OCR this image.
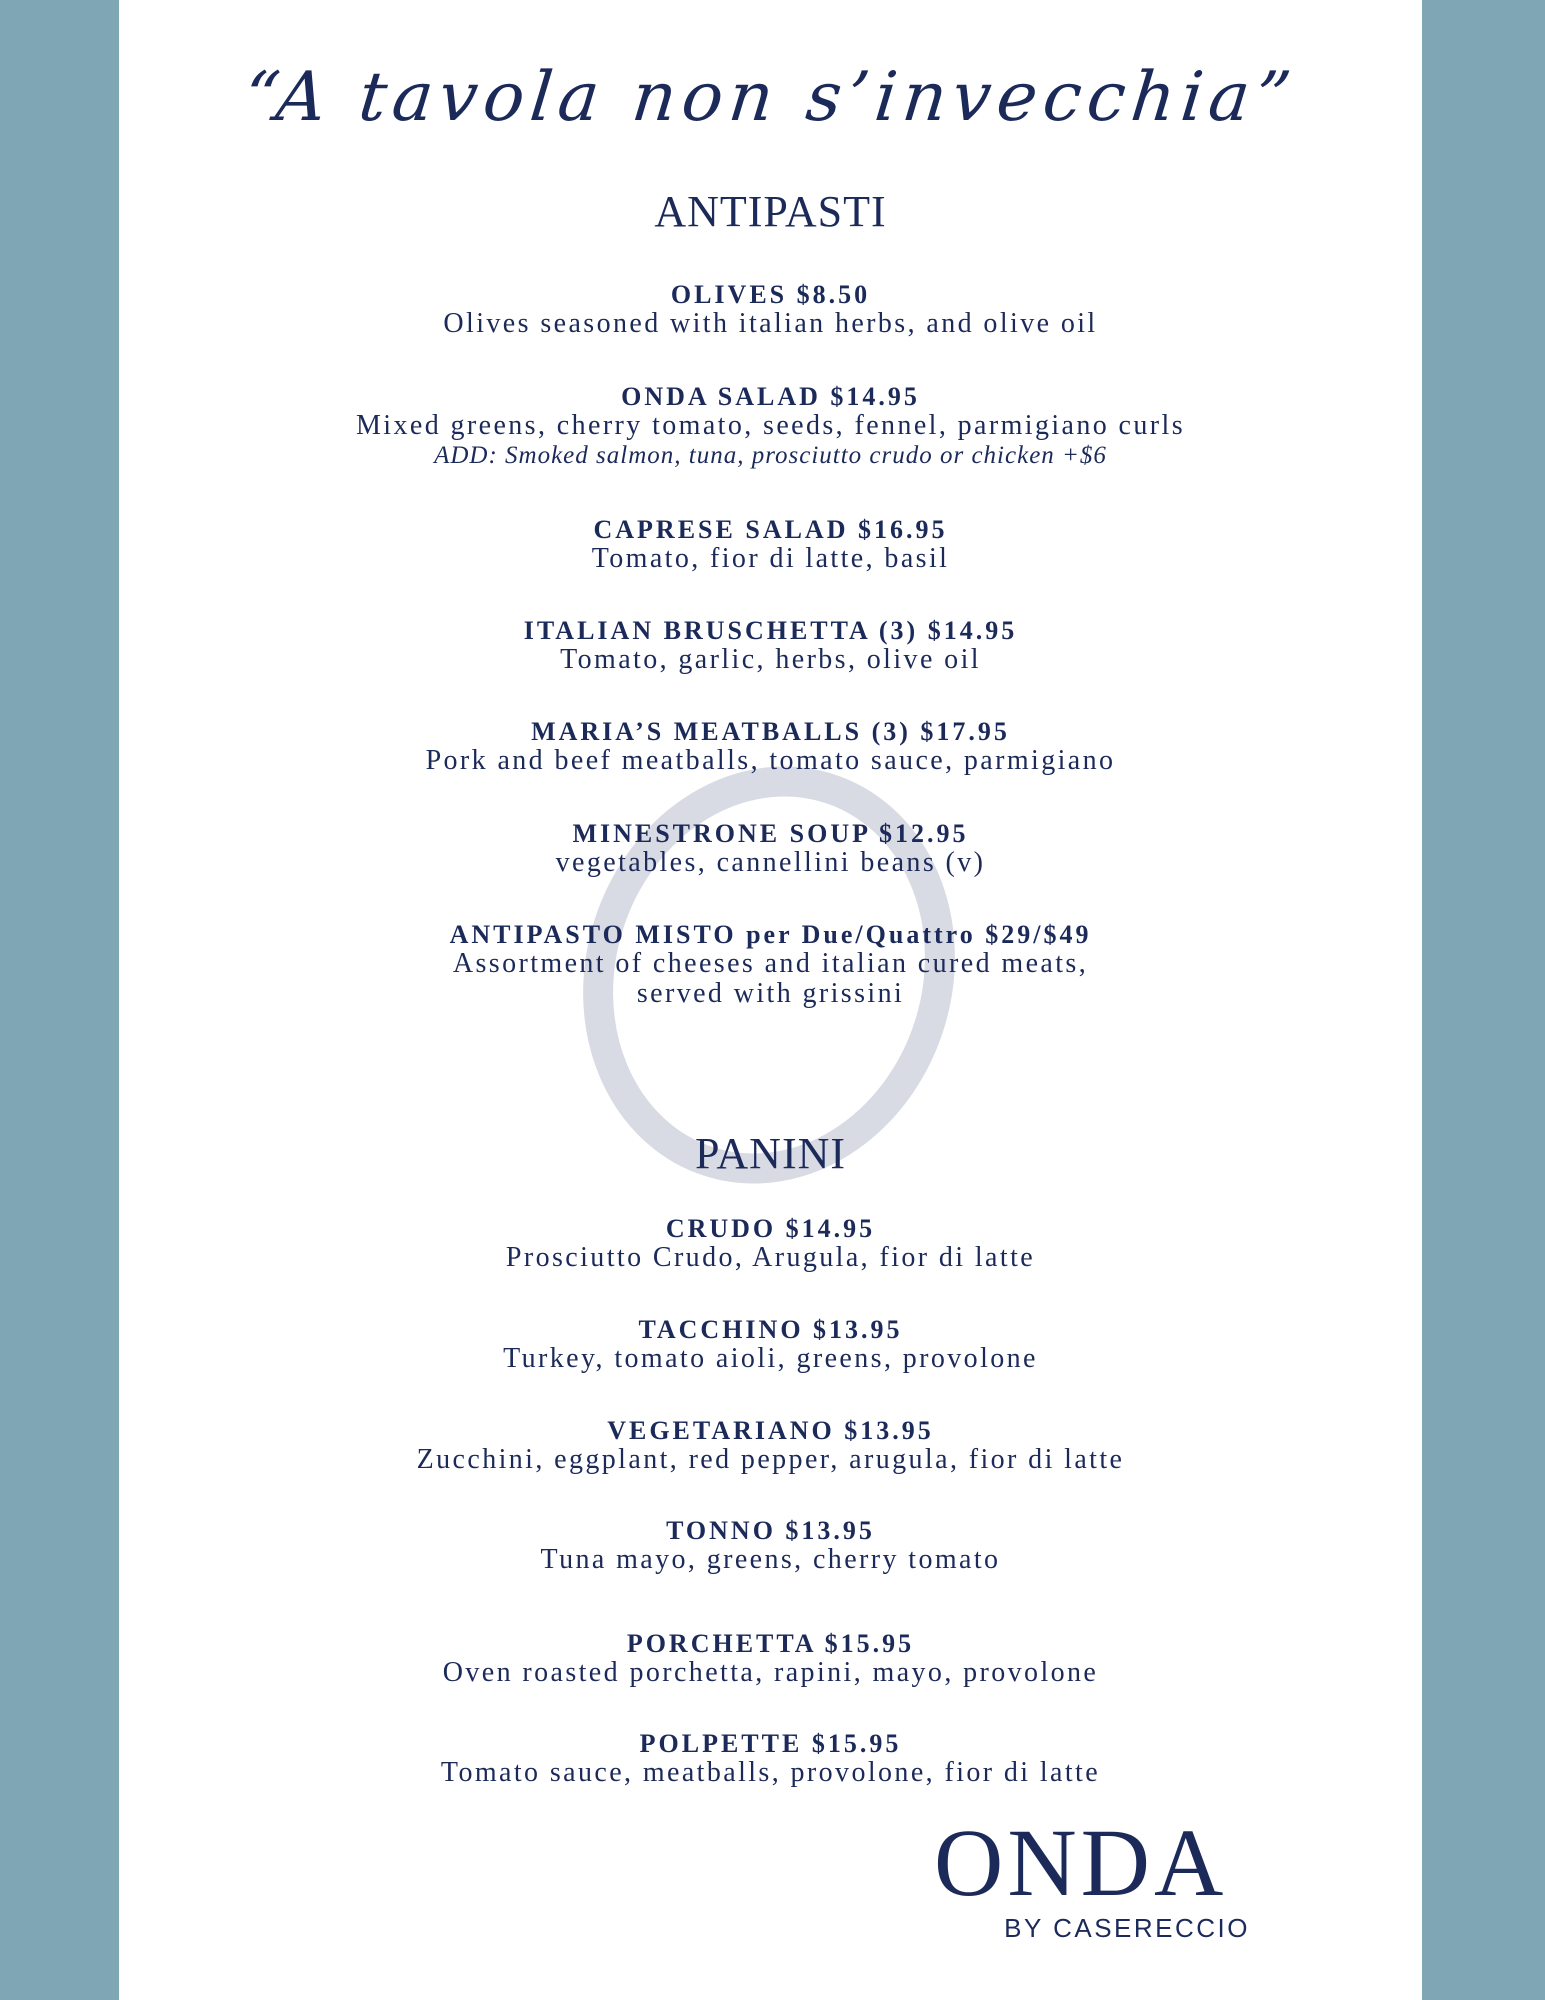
“A tavola non s’invecchia”
ANTIPASTI
OLIVES $8.50
Olives seasoned with italian herbs, and olive oil
ONDA SALAD $14.95
Mixed greens, cherry tomato, seeds, fennel, parmigiano curls
ADD: Smoked salmon, tuna, prosciutto crudo or chicken +$6
CAPRESE SALAD $16.95
Tomato, fior di latte, basil
ITALIAN BRUSCHETTA (3) $14.95
Tomato, garlic, herbs, olive oil
MARIA’S MEATBALLS (3) $17.95
Pork and beef meatballs, tomato sauce, parmigiano
MINESTRONE SOUP $12.95
vegetables, cannellini beans (v)
ANTIPASTO MISTO per Due/Quattro $29/$49
Assortment of cheeses and italian cured meats,
served with grissini
PANINI
CRUDO $14.95
Prosciutto Crudo, Arugula, fior di latte
TACCHINO $13.95
Turkey, tomato aioli, greens, provolone
VEGETARIANO $13.95
Zucchini, eggplant, red pepper, arugula, fior di latte
TONNO $13.95
Tuna mayo, greens, cherry tomato
PORCHETTA $15.95
Oven roasted porchetta, rapini, mayo, provolone
POLPETTE $15.95
Tomato sauce, meatballs, provolone, fior di latte
ONDA
BY CASERECCIO
